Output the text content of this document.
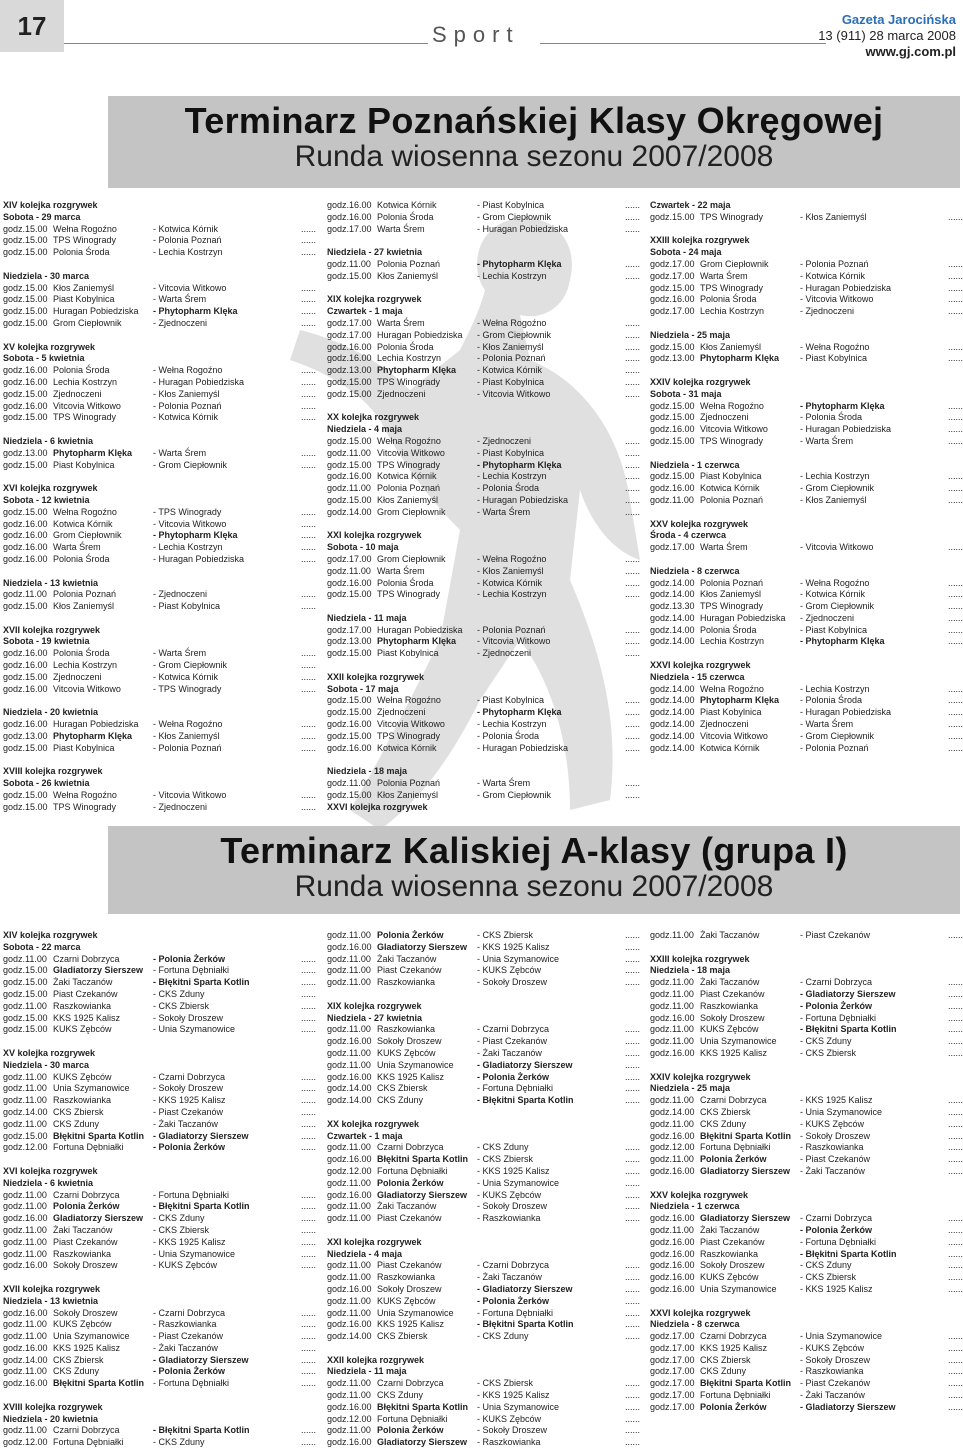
17	Sport
Gazeta Jarocińska
13 (911) 28 marca 2008
www.gj.com.pl
Terminarz Poznańskiej Klasy Okręgowej
Runda wiosenna sezonu 2007/2008
Terminarz Kaliskiej A-klasy (grupa I)
Runda wiosenna sezonu 2007/2008
XIV kolejka rozgrywek
Sobota - 29 marca
godz. 15.00 Wełna Rogoźno	- Kotwica Kórnik	......
godz. 15.00 TPS Winogrady	- Polonia Poznań	......
godz. 15.00 Polonia Środa	- Lechia Kostrzyn	......
Niedziela - 30 marca
godz. 15.00 Kłos Zaniemyśl	- Vitcovia Witkowo	......
godz. 15.00 Piast Kobylnica	- Warta Śrem	......
godz. 15.00 Huragan Pobiedziska - Phytopharm Klęka	......
godz. 15.00 Grom Ciepłownik	- Zjednoczeni	......
XV kolejka rozgrywek
Sobota - 5 kwietnia
godz. 16.00 Polonia Środa	- Wełna Rogoźno	......
godz. 16.00 Lechia Kostrzyn	- Huragan Pobiedziska	......
godz. 15.00 Zjednoczeni	- Kłos Zaniemyśl	......
godz. 16.00 Vitcovia Witkowo	- Polonia Poznań	......
godz. 15.00 TPS Winogrady	- Kotwica Kórnik	......
Niedziela - 6 kwietnia
godz. 13.00 Phytopharm Klęka - Warta Śrem	......
godz. 15.00 Piast Kobylnica	- Grom Ciepłownik	......
XVI kolejka rozgrywek
Sobota - 12 kwietnia
godz. 15.00 Wełna Rogoźno	- TPS Winogrady	......
godz. 16.00 Kotwica Kórnik	- Vitcovia Witkowo	......
godz. 16.00 Grom Ciepłownik	- Phytopharm Klęka	......
godz. 16.00 Warta Śrem	- Lechia Kostrzyn	......
godz. 16.00 Polonia Środa	- Huragan Pobiedziska	......
Niedziela - 13 kwietnia
godz. 11.00 Polonia Poznań	- Zjednoczeni	......
godz. 15.00 Kłos Zaniemyśl	- Piast Kobylnica	......
XVII kolejka rozgrywek
Sobota - 19 kwietnia
godz. 16.00 Polonia Środa	- Warta Śrem	......
godz. 16.00 Lechia Kostrzyn	- Grom Ciepłownik	......
godz. 15.00 Zjednoczeni	- Kotwica Kórnik	......
godz. 16.00 Vitcovia Witkowo	- TPS Winogrady	......
Niedziela - 20 kwietnia
godz. 16.00 Huragan Pobiedziska - Wełna Rogoźno	......
godz. 13.00 Phytopharm Klęka - Kłos Zaniemyśl	......
godz. 15.00 Piast Kobylnica	- Polonia Poznań	......
XVIII kolejka rozgrywek
Sobota - 26 kwietnia
godz. 15.00 Wełna Rogoźno	- Vitcovia Witkowo	......
godz. 15.00 TPS Winogrady	- Zjednoczeni	......
godz. 16.00 Kotwica Kórnik	- Piast Kobylnica	......
godz. 16.00 Polonia Środa	- Grom Ciepłownik	......
godz. 17.00 Warta Śrem	- Huragan Pobiedziska	......
Niedziela - 27 kwietnia
godz. 11.00 Polonia Poznań	- Phytopharm Klęka	......
godz. 15.00 Kłos Zaniemyśl	- Lechia Kostrzyn	......
XIX kolejka rozgrywek
Czwartek - 1 maja
godz. 17.00 Warta Śrem	- Wełna Rogoźno	......
godz. 17.00 Huragan Pobiedziska - Grom Ciepłownik	......
godz. 16.00 Polonia Środa	- Kłos Zaniemyśl	......
godz. 16.00 Lechia Kostrzyn	- Polonia Poznań	......
godz. 13.00 Phytopharm Klęka - Kotwica Kórnik	......
godz. 15.00 TPS Winogrady	- Piast Kobylnica	......
godz. 15.00 Zjednoczeni	- Vitcovia Witkowo	......
XX kolejka rozgrywek
Niedziela - 4 maja
godz. 15.00 Wełna Rogoźno	- Zjednoczeni	......
godz. 11.00 Vitcovia Witkowo	- Piast Kobylnica	......
godz. 15.00 TPS Winogrady	- Phytopharm Klęka	......
godz. 16.00 Kotwica Kórnik	- Lechia Kostrzyn	......
godz. 11.00 Polonia Poznań	- Polonia Środa	......
godz. 15.00 Kłos Zaniemyśl	- Huragan Pobiedziska	......
godz. 14.00 Grom Ciepłownik	- Warta Śrem	......
XXI kolejka rozgrywek
Sobota - 10 maja
godz. 17.00 Grom Ciepłownik	- Wełna Rogoźno	......
godz. 11.00 Warta Śrem	- Kłos Zaniemyśl	......
godz. 16.00 Polonia Środa	- Kotwica Kórnik	......
godz. 15.00 TPS Winogrady	- Lechia Kostrzyn	......
Niedziela - 11 maja
godz. 17.00 Huragan Pobiedziska - Polonia Poznań	......
godz. 13.00 Phytopharm Klęka - Vitcovia Witkowo	......
godz. 15.00 Piast Kobylnica	- Zjednoczeni	......
XXII kolejka rozgrywek
Sobota - 17 maja
godz. 15.00 Wełna Rogoźno	- Piast Kobylnica	......
godz. 15.00 Zjednoczeni	- Phytopharm Klęka	......
godz. 16.00 Vitcovia Witkowo	- Lechia Kostrzyn	......
godz. 15.00 TPS Winogrady	- Polonia Środa	......
godz. 16.00 Kotwica Kórnik	- Huragan Pobiedziska	......
Niedziela - 18 maja
godz. 11.00 Polonia Poznań	- Warta Śrem	......
godz. 15.00 Kłos Zaniemyśl	- Grom Ciepłownik	......
XXVI kolejka rozgrywek
Czwartek - 22 maja
godz. 15.00 TPS Winogrady	- Kłos Zaniemyśl	......
XXIII kolejka rozgrywek
Sobota - 24 maja
godz. 17.00 Grom Ciepłownik	- Polonia Poznań	......
godz. 17.00 Warta Śrem	- Kotwica Kórnik	......
godz. 15.00 TPS Winogrady	- Huragan Pobiedziska	......
godz. 16.00 Polonia Środa	- Vitcovia Witkowo	......
godz. 17.00 Lechia Kostrzyn	- Zjednoczeni	......
Niedziela - 25 maja
godz. 15.00 Kłos Zaniemyśl	- Wełna Rogoźno	......
godz. 13.00 Phytopharm Klęka - Piast Kobylnica	......
XXIV kolejka rozgrywek
Sobota - 31 maja
godz. 15.00 Wełna Rogoźno	- Phytopharm Klęka	......
godz. 15.00 Zjednoczeni	- Polonia Środa	......
godz. 16.00 Vitcovia Witkowo	- Huragan Pobiedziska	......
godz. 15.00 TPS Winogrady	- Warta Śrem	......
Niedziela - 1 czerwca
godz. 15.00 Piast Kobylnica	- Lechia Kostrzyn	......
godz. 16.00 Kotwica Kórnik	- Grom Ciepłownik	......
godz. 11.00 Polonia Poznań	- Kłos Zaniemyśl	......
XXV kolejka rozgrywek
Środa - 4 czerwca
godz. 17.00 Warta Śrem	- Vitcovia Witkowo	......
Niedziela - 8 czerwca
godz. 14.00 Polonia Poznań	- Wełna Rogoźno	......
godz. 14.00 Kłos Zaniemyśl	- Kotwica Kórnik	......
godz. 13.30 TPS Winogrady	- Grom Ciepłownik	......
godz. 14.00 Huragan Pobiedziska - Zjednoczeni	......
godz. 14.00 Polonia Środa	- Piast Kobylnica	......
godz. 14.00 Lechia Kostrzyn	- Phytopharm Klęka	......
XXVI kolejka rozgrywek
Niedziela - 15 czerwca
godz. 14.00 Wełna Rogoźno	- Lechia Kostrzyn	......
godz. 14.00 Phytopharm Klęka - Polonia Środa	......
godz. 14.00 Piast Kobylnica	- Huragan Pobiedziska	......
godz. 14.00 Zjednoczeni	- Warta Śrem	......
godz. 14.00 Vitcovia Witkowo	- Grom Ciepłownik	......
godz. 14.00 Kotwica Kórnik	- Polonia Poznań	......
XIV kolejka rozgrywek
Sobota - 22 marca
godz. 11.00 Czarni Dobrzyca	- Polonia Żerków	......
godz. 15.00 Gladiatorzy Sierszew - Fortuna Dębniałki	......
godz. 15.00 Żaki Taczanów	- Błękitni Sparta Kotlin	......
godz. 15.00 Piast Czekanów	- CKS Zduny	......
godz. 11.00 Raszkowianka	- CKS Zbiersk	......
godz. 15.00 KKS 1925 Kalisz	- Sokoły Droszew	......
godz. 15.00 KUKS Zębców	- Unia Szymanowice	......
XV kolejka rozgrywek
Niedziela - 30 marca
godz. 11.00 KUKS Zębców	- Czarni Dobrzyca	......
godz. 11.00 Unia Szymanowice	- Sokoły Droszew	......
godz. 11.00 Raszkowianka	- KKS 1925 Kalisz	......
godz. 14.00 CKS Zbiersk	- Piast Czekanów	......
godz. 11.00 CKS Zduny	- Żaki Taczanów	......
godz. 15.00 Błękitni Sparta Kotlin - Gladiatorzy Sierszew	......
godz. 12.00 Fortuna Dębniałki	- Polonia Żerków	......
XVI kolejka rozgrywek
Niedziela - 6 kwietnia
godz. 11.00 Czarni Dobrzyca	- Fortuna Dębniałki	......
godz. 11.00 Polonia Żerków	- Błękitni Sparta Kotlin	......
godz. 16.00 Gladiatorzy Sierszew - CKS Zduny	......
godz. 11.00 Żaki Taczanów	- CKS Zbiersk	......
godz. 11.00 Piast Czekanów	- KKS 1925 Kalisz	......
godz. 11.00 Raszkowianka	- Unia Szymanowice	......
godz. 16.00 Sokoły Droszew	- KUKS Zębców	......
XVII kolejka rozgrywek
Niedziela - 13 kwietnia
godz. 16.00 Sokoły Droszew	- Czarni Dobrzyca	......
godz. 11.00 KUKS Zębców	- Raszkowianka	......
godz. 11.00 Unia Szymanowice	- Piast Czekanów	......
godz. 16.00 KKS 1925 Kalisz	- Żaki Taczanów	......
godz. 14.00 CKS Zbiersk	- Gladiatorzy Sierszew	......
godz. 11.00 CKS Zduny	- Polonia Żerków	......
godz. 16.00 Błękitni Sparta Kotlin - Fortuna Dębniałki	......
XVIII kolejka rozgrywek
Niedziela - 20 kwietnia
godz. 11.00 Czarni Dobrzyca	- Błękitni Sparta Kotlin	......
godz. 12.00 Fortuna Dębniałki	- CKS Zduny	......
godz. 11.00 Polonia Żerków	- CKS Zbiersk	......
godz. 16.00 Gladiatorzy Sierszew - KKS 1925 Kalisz	......
godz. 11.00 Żaki Taczanów	- Unia Szymanowice	......
godz. 11.00 Piast Czekanów	- KUKS Zębców	......
godz. 11.00 Raszkowianka	- Sokoły Droszew	......
XIX kolejka rozgrywek
Niedziela - 27 kwietnia
godz. 11.00 Raszkowianka	- Czarni Dobrzyca	......
godz. 16.00 Sokoły Droszew	- Piast Czekanów	......
godz. 11.00 KUKS Zębców	- Żaki Taczanów	......
godz. 11.00 Unia Szymanowice	- Gladiatorzy Sierszew	......
godz. 16.00 KKS 1925 Kalisz	- Polonia Żerków	......
godz. 14.00 CKS Zbiersk	- Fortuna Dębniałki	......
godz. 14.00 CKS Zduny	- Błękitni Sparta Kotlin	......
XX kolejka rozgrywek
Czwartek - 1 maja
godz. 11.00 Czarni Dobrzyca	- CKS Zduny	......
godz. 16.00 Błękitni Sparta Kotlin - CKS Zbiersk	......
godz. 12.00 Fortuna Dębniałki	- KKS 1925 Kalisz	......
godz. 11.00 Polonia Żerków	- Unia Szymanowice	......
godz. 16.00 Gladiatorzy Sierszew - KUKS Zębców	......
godz. 11.00 Żaki Taczanów	- Sokoły Droszew	......
godz. 11.00 Piast Czekanów	- Raszkowianka	......
XXI kolejka rozgrywek
Niedziela - 4 maja
godz. 11.00 Piast Czekanów	- Czarni Dobrzyca	......
godz. 11.00 Raszkowianka	- Żaki Taczanów	......
godz. 16.00 Sokoły Droszew	- Gladiatorzy Sierszew	......
godz. 11.00 KUKS Zębców	- Polonia Żerków	......
godz. 11.00 Unia Szymanowice	- Fortuna Dębniałki	......
godz. 16.00 KKS 1925 Kalisz	- Błękitni Sparta Kotlin	......
godz. 14.00 CKS Zbiersk	- CKS Zduny	......
XXII kolejka rozgrywek
Niedziela - 11 maja
godz. 11.00 Czarni Dobrzyca	- CKS Zbiersk	......
godz. 11.00 CKS Zduny	- KKS 1925 Kalisz	......
godz. 16.00 Błękitni Sparta Kotlin - Unia Szymanowice	......
godz. 12.00 Fortuna Dębniałki	- KUKS Zębców	......
godz. 11.00 Polonia Żerków	- Sokoły Droszew	......
godz. 16.00 Gladiatorzy Sierszew - Raszkowianka	......
godz. 11.00 Żaki Taczanów	- Piast Czekanów	......
XXIII kolejka rozgrywek
Niedziela - 18 maja
godz. 11.00 Żaki Taczanów	- Czarni Dobrzyca	......
godz. 11.00 Piast Czekanów	- Gladiatorzy Sierszew	......
godz. 11.00 Raszkowianka	- Polonia Żerków	......
godz. 16.00 Sokoły Droszew	- Fortuna Dębniałki	......
godz. 11.00 KUKS Zębców	- Błękitni Sparta Kotlin	......
godz. 11.00 Unia Szymanowice	- CKS Zduny	......
godz. 16.00 KKS 1925 Kalisz	- CKS Zbiersk	......
XXIV kolejka rozgrywek
Niedziela - 25 maja
godz. 11.00 Czarni Dobrzyca	- KKS 1925 Kalisz	......
godz. 14.00 CKS Zbiersk	- Unia Szymanowice	......
godz. 11.00 CKS Zduny	- KUKS Zębców	......
godz. 16.00 Błękitni Sparta Kotlin - Sokoły Droszew	......
godz. 12.00 Fortuna Dębniałki	- Raszkowianka	......
godz. 11.00 Polonia Żerków	- Piast Czekanów	......
godz. 16.00 Gladiatorzy Sierszew - Żaki Taczanów	......
XXV kolejka rozgrywek
Niedziela - 1 czerwca
godz. 16.00 Gladiatorzy Sierszew - Czarni Dobrzyca	......
godz. 11.00 Żaki Taczanów	- Polonia Żerków	......
godz. 16.00 Piast Czekanów	- Fortuna Dębniałki	......
godz. 16.00 Raszkowianka	- Błękitni Sparta Kotlin	......
godz. 16.00 Sokoły Droszew	- CKS Zduny	......
godz. 16.00 KUKS Zębców	- CKS Zbiersk	......
godz. 16.00 Unia Szymanowice	- KKS 1925 Kalisz	......
XXVI kolejka rozgrywek
Niedziela - 8 czerwca
godz. 17.00 Czarni Dobrzyca	- Unia Szymanowice	......
godz. 17.00 KKS 1925 Kalisz	- KUKS Zębców	......
godz. 17.00 CKS Zbiersk	- Sokoły Droszew	......
godz. 17.00 CKS Zduny	- Raszkowianka	......
godz. 17.00 Błękitni Sparta Kotlin - Piast Czekanów	......
godz. 17.00 Fortuna Dębniałki	- Żaki Taczanów	......
godz. 17.00 Polonia Żerków	- Gladiatorzy Sierszew	......
